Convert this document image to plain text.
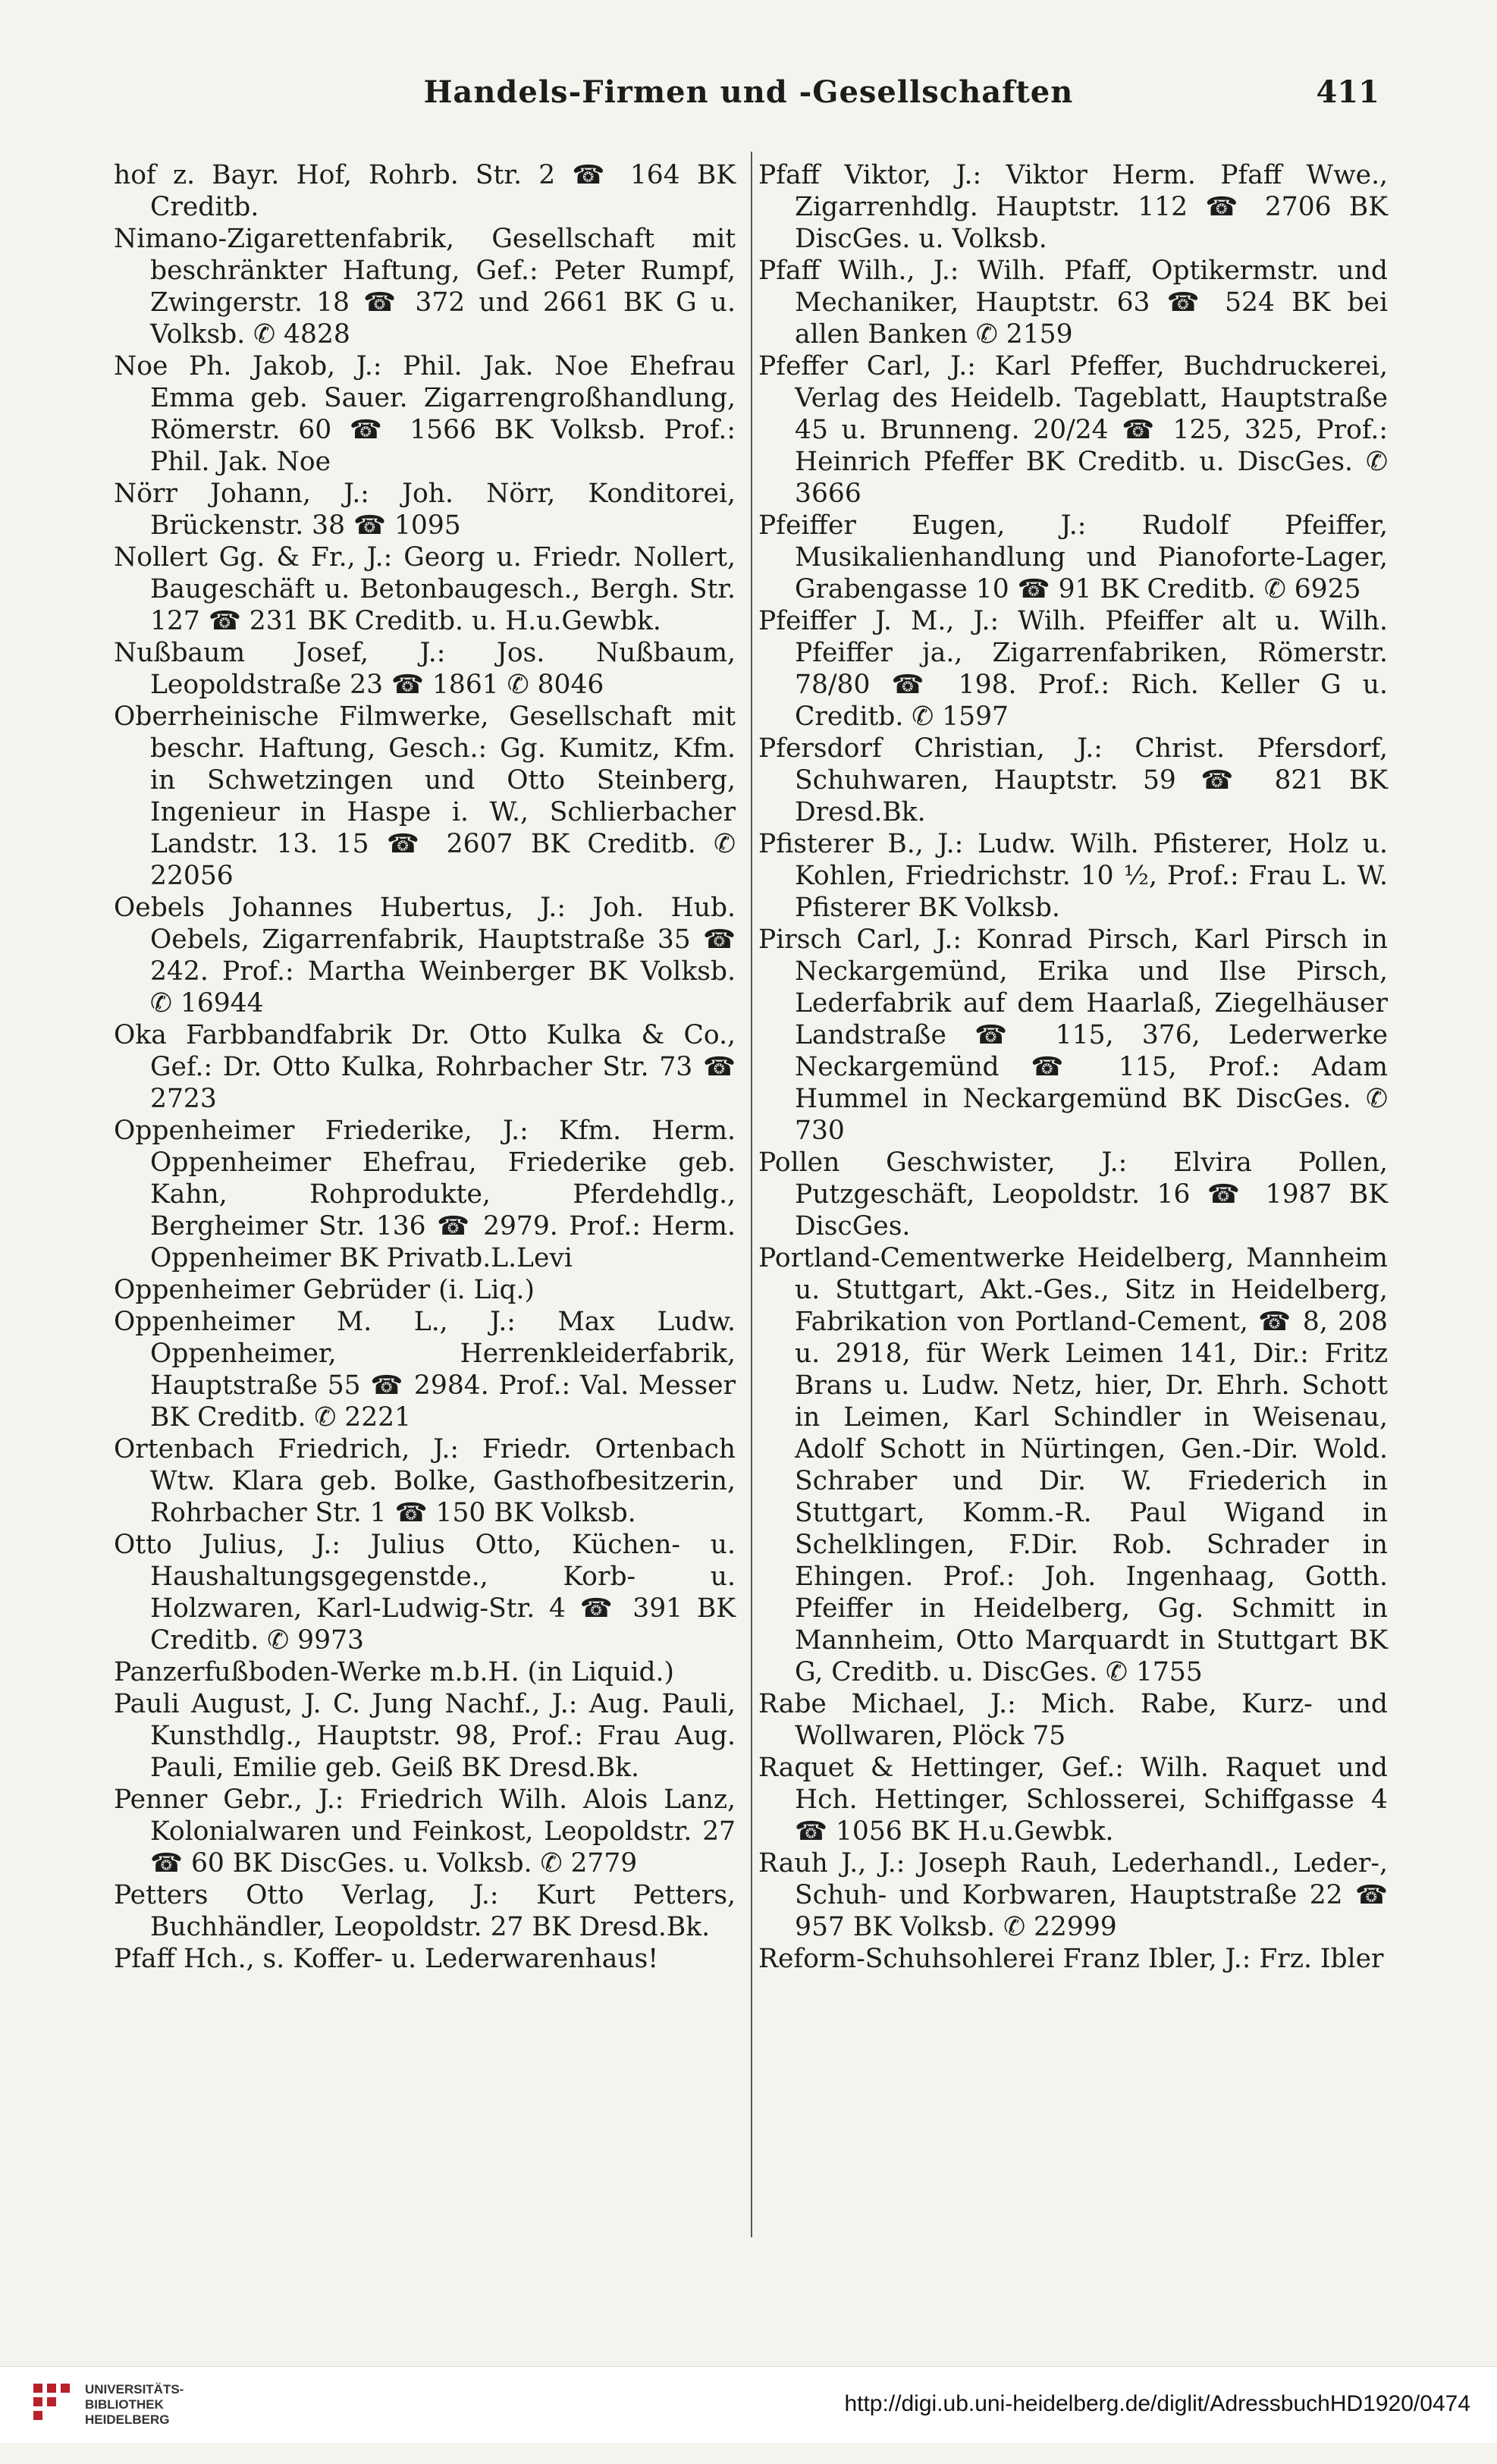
Handels-Firmen und -Gesellschaften	411

hof z. Bayr. Hof, Rohrb. Str. 2 ☎ 164 BK Creditb.

Nimano-Zigarettenfabrik, Gesellschaft mit beschränkter Haftung, Gef.: Peter Rumpf, Zwingerstr. 18 ☎ 372 und 2661 BK G u. Volksb. ✆ 4828

Noe Ph. Jakob, J.: Phil. Jak. Noe Ehefrau Emma geb. Sauer. Zigarrengroßhandlung, Römerstr. 60 ☎ 1566 BK Volksb. Prof.: Phil. Jak. Noe

Nörr Johann, J.: Joh. Nörr, Konditorei, Brückenstr. 38 ☎ 1095

Nollert Gg. & Fr., J.: Georg u. Friedr. Nollert, Baugeschäft u. Betonbaugesch., Bergh. Str. 127 ☎ 231 BK Creditb. u. H.u.Gewbk.

Nußbaum Josef, J.: Jos. Nußbaum, Leopoldstraße 23 ☎ 1861 ✆ 8046

Oberrheinische Filmwerke, Gesellschaft mit beschr. Haftung, Gesch.: Gg. Kumitz, Kfm. in Schwetzingen und Otto Steinberg, Ingenieur in Haspe i. W., Schlierbacher Landstr. 13. 15 ☎ 2607 BK Creditb. ✆ 22056

Oebels Johannes Hubertus, J.: Joh. Hub. Oebels, Zigarrenfabrik, Hauptstraße 35 ☎ 242. Prof.: Martha Weinberger BK Volksb. ✆ 16944

Oka Farbbandfabrik Dr. Otto Kulka & Co., Gef.: Dr. Otto Kulka, Rohrbacher Str. 73 ☎ 2723

Oppenheimer Friederike, J.: Kfm. Herm. Oppenheimer Ehefrau, Friederike geb. Kahn, Rohprodukte, Pferdehdlg., Bergheimer Str. 136 ☎ 2979. Prof.: Herm. Oppenheimer BK Privatb.L.Levi

Oppenheimer Gebrüder (i. Liq.)

Oppenheimer M. L., J.: Max Ludw. Oppenheimer, Herrenkleiderfabrik, Hauptstraße 55 ☎ 2984. Prof.: Val. Messer BK Creditb. ✆ 2221

Ortenbach Friedrich, J.: Friedr. Ortenbach Wtw. Klara geb. Bolke, Gasthofbesitzerin, Rohrbacher Str. 1 ☎ 150 BK Volksb.

Otto Julius, J.: Julius Otto, Küchen- u. Haushaltungsgegenstde., Korb- u. Holzwaren, Karl-Ludwig-Str. 4 ☎ 391 BK Creditb. ✆ 9973

Panzerfußboden-Werke m.b.H. (in Liquid.)

Pauli August, J. C. Jung Nachf., J.: Aug. Pauli, Kunsthdlg., Hauptstr. 98, Prof.: Frau Aug. Pauli, Emilie geb. Geiß BK Dresd.Bk.

Penner Gebr., J.: Friedrich Wilh. Alois Lanz, Kolonialwaren und Feinkost, Leopoldstr. 27 ☎ 60 BK DiscGes. u. Volksb. ✆ 2779

Petters Otto Verlag, J.: Kurt Petters, Buchhändler, Leopoldstr. 27 BK Dresd.Bk.

Pfaff Hch., s. Koffer- u. Lederwarenhaus!

Pfaff Viktor, J.: Viktor Herm. Pfaff Wwe., Zigarrenhdlg. Hauptstr. 112 ☎ 2706 BK DiscGes. u. Volksb.

Pfaff Wilh., J.: Wilh. Pfaff, Optikermstr. und Mechaniker, Hauptstr. 63 ☎ 524 BK bei allen Banken ✆ 2159

Pfeffer Carl, J.: Karl Pfeffer, Buchdruckerei, Verlag des Heidelb. Tageblatt, Hauptstraße 45 u. Brunneng. 20/24 ☎ 125, 325, Prof.: Heinrich Pfeffer BK Creditb. u. DiscGes. ✆ 3666

Pfeiffer Eugen, J.: Rudolf Pfeiffer, Musikalienhandlung und Pianoforte-Lager, Grabengasse 10 ☎ 91 BK Creditb. ✆ 6925

Pfeiffer J. M., J.: Wilh. Pfeiffer alt u. Wilh. Pfeiffer ja., Zigarrenfabriken, Römerstr. 78/80 ☎ 198. Prof.: Rich. Keller G u. Creditb. ✆ 1597

Pfersdorf Christian, J.: Christ. Pfersdorf, Schuhwaren, Hauptstr. 59 ☎ 821 BK Dresd.Bk.

Pfisterer B., J.: Ludw. Wilh. Pfisterer, Holz u. Kohlen, Friedrichstr. 10 ½, Prof.: Frau L. W. Pfisterer BK Volksb.

Pirsch Carl, J.: Konrad Pirsch, Karl Pirsch in Neckargemünd, Erika und Ilse Pirsch, Lederfabrik auf dem Haarlaß, Ziegelhäuser Landstraße ☎ 115, 376, Lederwerke Neckargemünd ☎ 115, Prof.: Adam Hummel in Neckargemünd BK DiscGes. ✆ 730

Pollen Geschwister, J.: Elvira Pollen, Putzgeschäft, Leopoldstr. 16 ☎ 1987 BK DiscGes.

Portland-Cementwerke Heidelberg, Mannheim u. Stuttgart, Akt.-Ges., Sitz in Heidelberg, Fabrikation von Portland-Cement, ☎ 8, 208 u. 2918, für Werk Leimen 141, Dir.: Fritz Brans u. Ludw. Netz, hier, Dr. Ehrh. Schott in Leimen, Karl Schindler in Weisenau, Adolf Schott in Nürtingen, Gen.-Dir. Wold. Schraber und Dir. W. Friederich in Stuttgart, Komm.-R. Paul Wigand in Schelklingen, F.Dir. Rob. Schrader in Ehingen. Prof.: Joh. Ingenhaag, Gotth. Pfeiffer in Heidelberg, Gg. Schmitt in Mannheim, Otto Marquardt in Stuttgart BK G, Creditb. u. DiscGes. ✆ 1755

Rabe Michael, J.: Mich. Rabe, Kurz- und Wollwaren, Plöck 75

Raquet & Hettinger, Gef.: Wilh. Raquet und Hch. Hettinger, Schlosserei, Schiffgasse 4 ☎ 1056 BK H.u.Gewbk.

Rauh J., J.: Joseph Rauh, Lederhandl., Leder-, Schuh- und Korbwaren, Hauptstraße 22 ☎ 957 BK Volksb. ✆ 22999

Reform-Schuhsohlerei Franz Ibler, J.: Frz. Ibler

UNIVERSITÄTS-
BIBLIOTHEK
HEIDELBERG
http://digi.ub.uni-heidelberg.de/diglit/AdressbuchHD1920/0474
